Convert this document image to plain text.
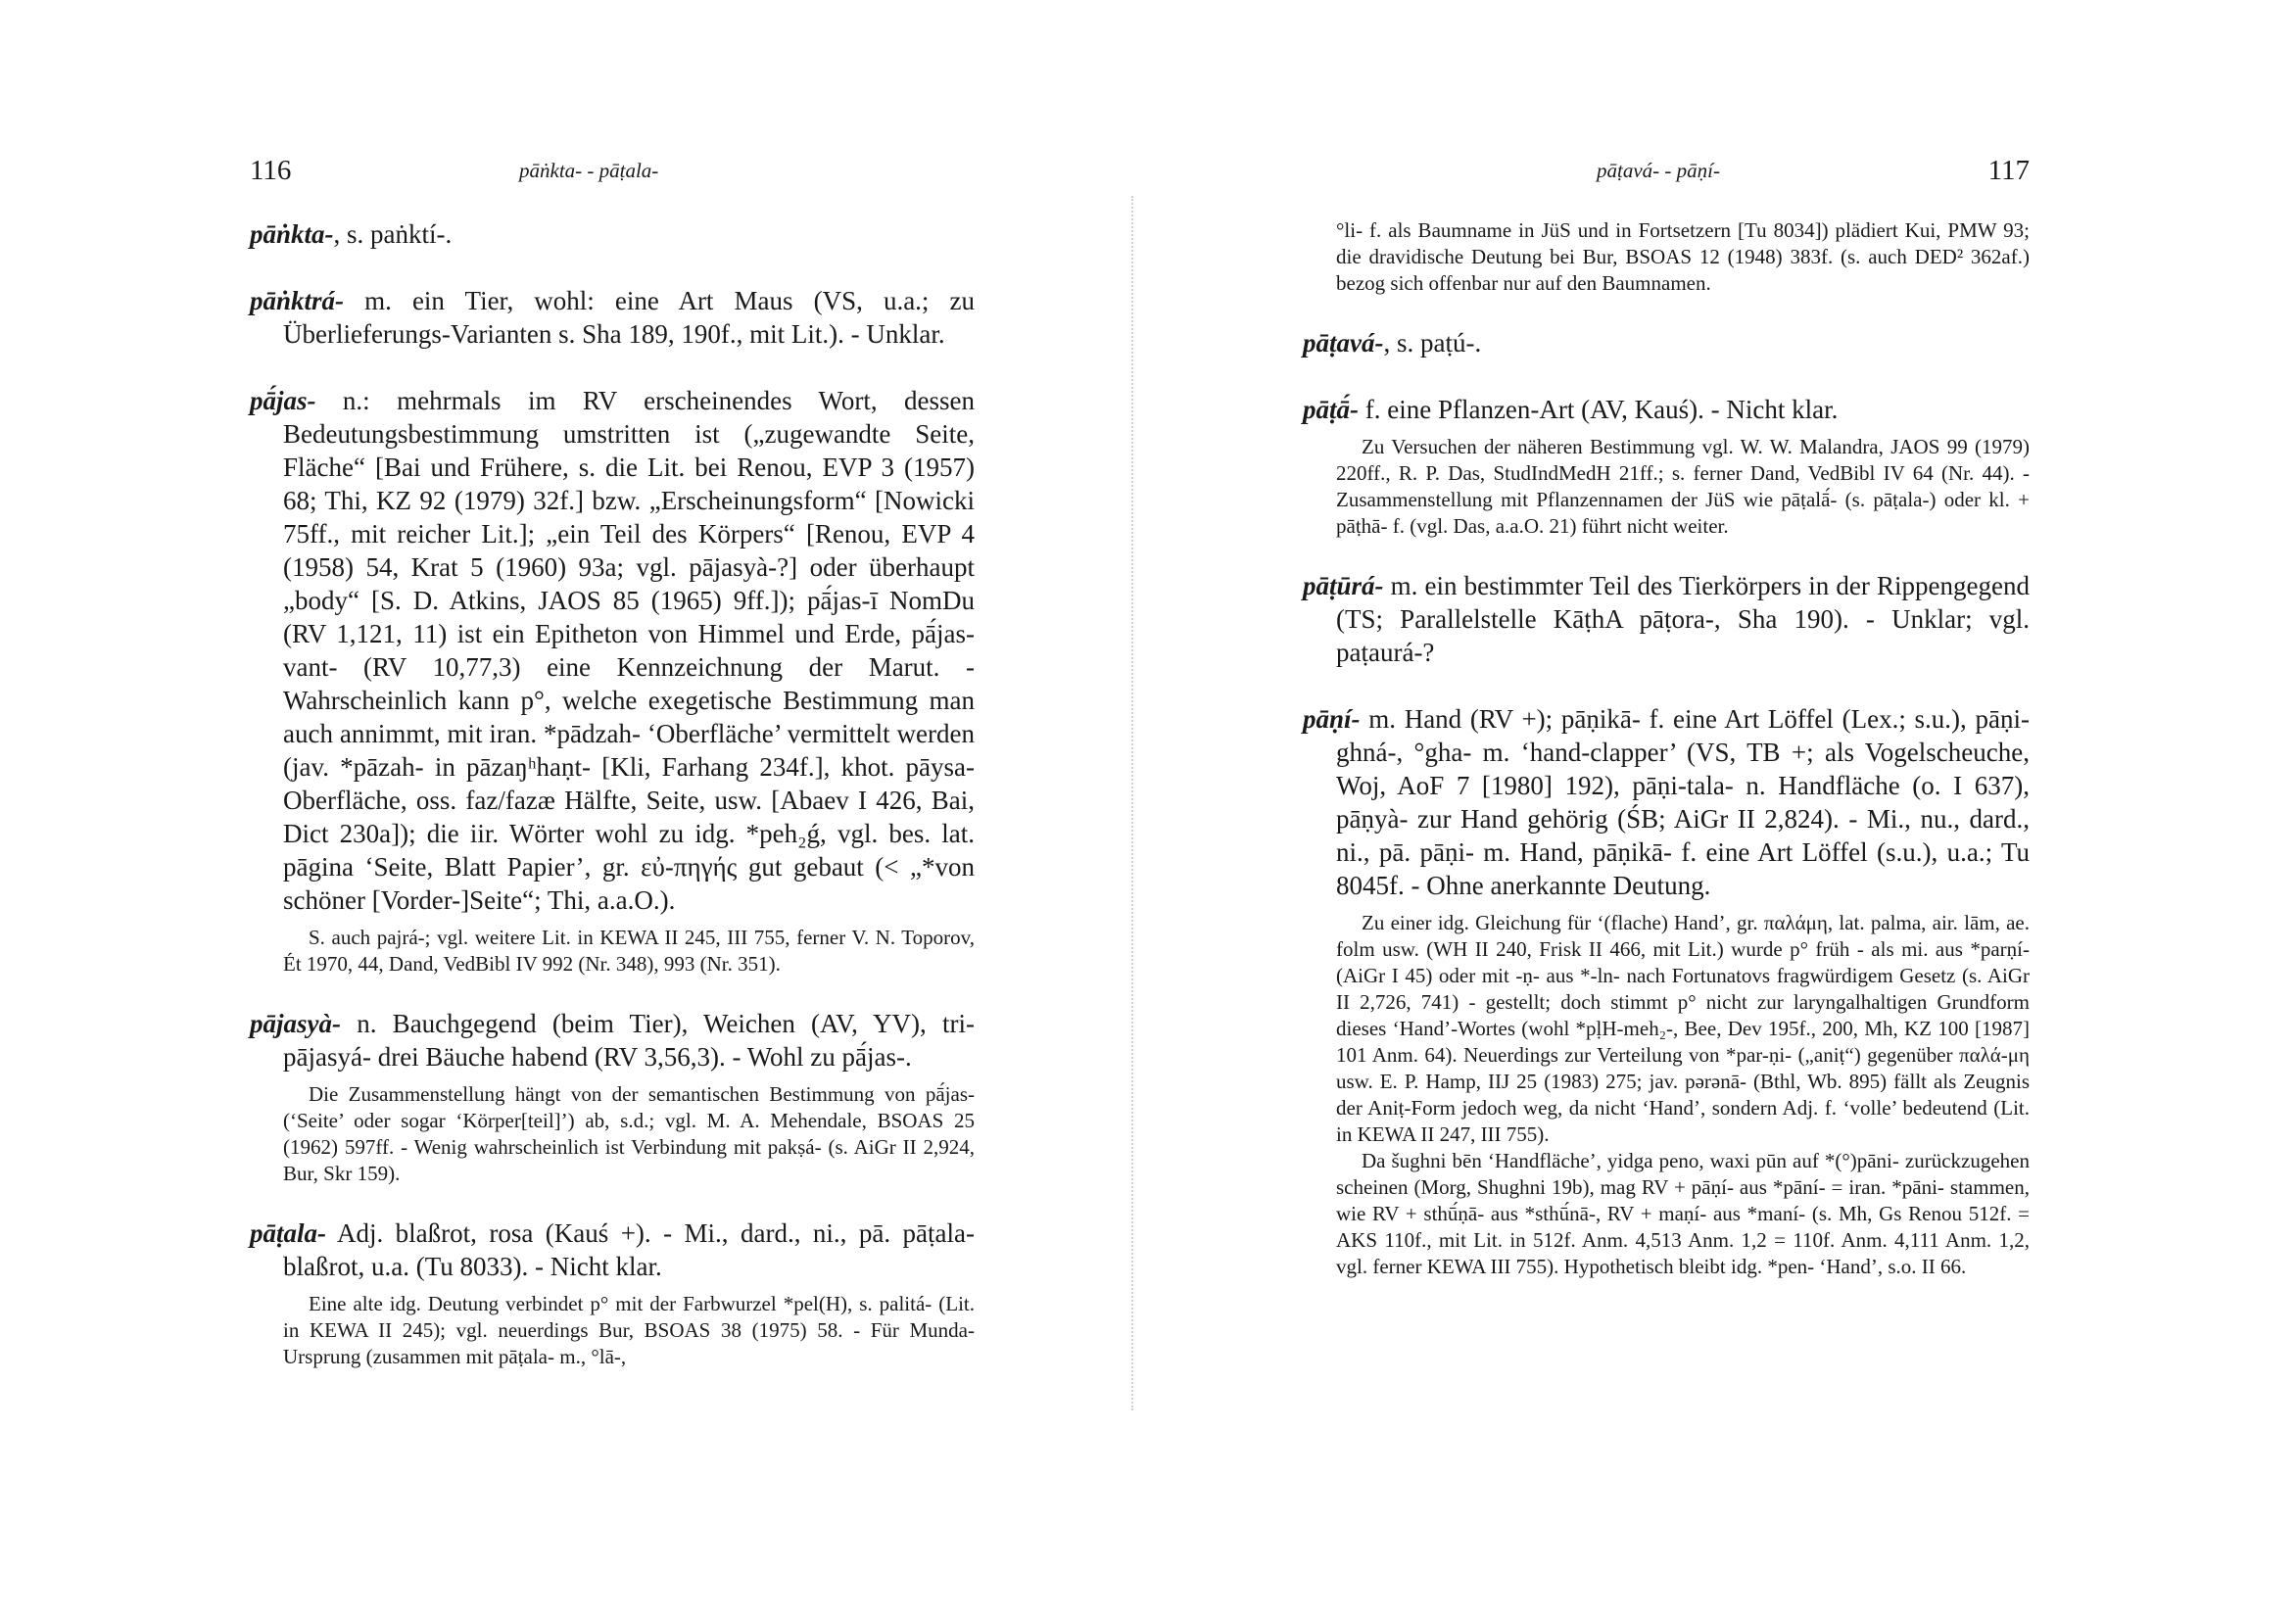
116	pāṅkta- - pāṭala-
pāṅkta-, s. paṅktí-.
pāṅktrá- m. ein Tier, wohl: eine Art Maus (VS, u.a.; zu Überlieferungs-Varianten s. Sha 189, 190f., mit Lit.). - Unklar.
pā́jas- n.: mehrmals im RV erscheinendes Wort, dessen Bedeutungsbestimmung umstritten ist („zugewandte Seite, Fläche“ [Bai und Frühere, s. die Lit. bei Renou, EVP 3 (1957) 68; Thi, KZ 92 (1979) 32f.] bzw. „Erscheinungsform“ [Nowicki 75ff., mit reicher Lit.]; „ein Teil des Körpers“ [Renou, EVP 4 (1958) 54, Krat 5 (1960) 93a; vgl. pājasyà-?] oder überhaupt „body“ [S. D. Atkins, JAOS 85 (1965) 9ff.]); pā́jas-ī NomDu (RV 1,121, 11) ist ein Epitheton von Himmel und Erde, pā́jas-vant- (RV 10,77,3) eine Kennzeichnung der Marut. - Wahrscheinlich kann p°, welche exegetische Bestimmung man auch annimmt, mit iran. *pādzah- ‘Oberfläche’ vermittelt werden (jav. *pāzah- in pāzaŋʰhaṇt- [Kli, Farhang 234f.], khot. pāysa- Oberfläche, oss. faz/fazæ Hälfte, Seite, usw. [Abaev I 426, Bai, Dict 230a]); die iir. Wörter wohl zu idg. *peh₂ǵ, vgl. bes. lat. pāgina ‘Seite, Blatt Papier’, gr. εὐ-πηγής gut gebaut (< „*von schöner [Vorder-]Seite“; Thi, a.a.O.).
S. auch pajrá-; vgl. weitere Lit. in KEWA II 245, III 755, ferner V. N. Toporov, Ét 1970, 44, Dand, VedBibl IV 992 (Nr. 348), 993 (Nr. 351).
pājasyà- n. Bauchgegend (beim Tier), Weichen (AV, YV), tri-pājasyá- drei Bäuche habend (RV 3,56,3). - Wohl zu pā́jas-.
Die Zusammenstellung hängt von der semantischen Bestimmung von pā́jas- (‘Seite’ oder sogar ‘Körper[teil]’) ab, s.d.; vgl. M. A. Mehendale, BSOAS 25 (1962) 597ff. - Wenig wahrscheinlich ist Verbindung mit pakṣá- (s. AiGr II 2,924, Bur, Skr 159).
pāṭala- Adj. blaßrot, rosa (Kauś +). - Mi., dard., ni., pā. pāṭala- blaßrot, u.a. (Tu 8033). - Nicht klar.
Eine alte idg. Deutung verbindet p° mit der Farbwurzel *pel(H), s. palitá- (Lit. in KEWA II 245); vgl. neuerdings Bur, BSOAS 38 (1975) 58. - Für Munda-Ursprung (zusammen mit pāṭala- m., °lā-,
pāṭavá- - pāṇí-	117
°li- f. als Baumname in JüS und in Fortsetzern [Tu 8034]) plädiert Kui, PMW 93; die dravidische Deutung bei Bur, BSOAS 12 (1948) 383f. (s. auch DED² 362af.) bezog sich offenbar nur auf den Baumnamen.
pāṭavá-, s. paṭú-.
pāṭā́- f. eine Pflanzen-Art (AV, Kauś). - Nicht klar.
Zu Versuchen der näheren Bestimmung vgl. W. W. Malandra, JAOS 99 (1979) 220ff., R. P. Das, StudIndMedH 21ff.; s. ferner Dand, VedBibl IV 64 (Nr. 44). - Zusammenstellung mit Pflanzennamen der JüS wie pāṭalā́- (s. pāṭala-) oder kl. + pāṭhā- f. (vgl. Das, a.a.O. 21) führt nicht weiter.
pāṭūrá- m. ein bestimmter Teil des Tierkörpers in der Rippengegend (TS; Parallelstelle KāṭhA pāṭora-, Sha 190). - Unklar; vgl. paṭaurá-?
pāṇí- m. Hand (RV +); pāṇikā- f. eine Art Löffel (Lex.; s.u.), pāṇi-ghná-, °gha- m. ‘hand-clapper’ (VS, TB +; als Vogelscheuche, Woj, AoF 7 [1980] 192), pāṇi-tala- n. Handfläche (o. I 637), pāṇyà- zur Hand gehörig (ŚB; AiGr II 2,824). - Mi., nu., dard., ni., pā. pāṇi- m. Hand, pāṇikā- f. eine Art Löffel (s.u.), u.a.; Tu 8045f. - Ohne anerkannte Deutung.
Zu einer idg. Gleichung für ‘(flache) Hand’, gr. παλάμη, lat. palma, air. lām, ae. folm usw. (WH II 240, Frisk II 466, mit Lit.) wurde p° früh - als mi. aus *parṇí- (AiGr I 45) oder mit -ṇ- aus *-ln- nach Fortunatovs fragwürdigem Gesetz (s. AiGr II 2,726, 741) - gestellt; doch stimmt p° nicht zur laryngalhaltigen Grundform dieses ‘Hand’-Wortes (wohl *pḷH-meh₂-, Bee, Dev 195f., 200, Mh, KZ 100 [1987] 101 Anm. 64). Neuerdings zur Verteilung von *par-ṇi- („aniṭ“) gegenüber παλά-μη usw. E. P. Hamp, IIJ 25 (1983) 275; jav. pərənā- (Bthl, Wb. 895) fällt als Zeugnis der Aniṭ-Form jedoch weg, da nicht ‘Hand’, sondern Adj. f. ‘volle’ bedeutend (Lit. in KEWA II 247, III 755).
Da šughni bēn ‘Handfläche’, yidga peno, waxi pūn auf *(°)pāni- zurückzugehen scheinen (Morg, Shughni 19b), mag RV + pāṇí- aus *pāní- = iran. *pāni- stammen, wie RV + sthū́ṇā- aus *sthū́nā-, RV + maṇí- aus *maní- (s. Mh, Gs Renou 512f. = AKS 110f., mit Lit. in 512f. Anm. 4,513 Anm. 1,2 = 110f. Anm. 4,111 Anm. 1,2, vgl. ferner KEWA III 755). Hypothetisch bleibt idg. *pen- ‘Hand’, s.o. II 66.
